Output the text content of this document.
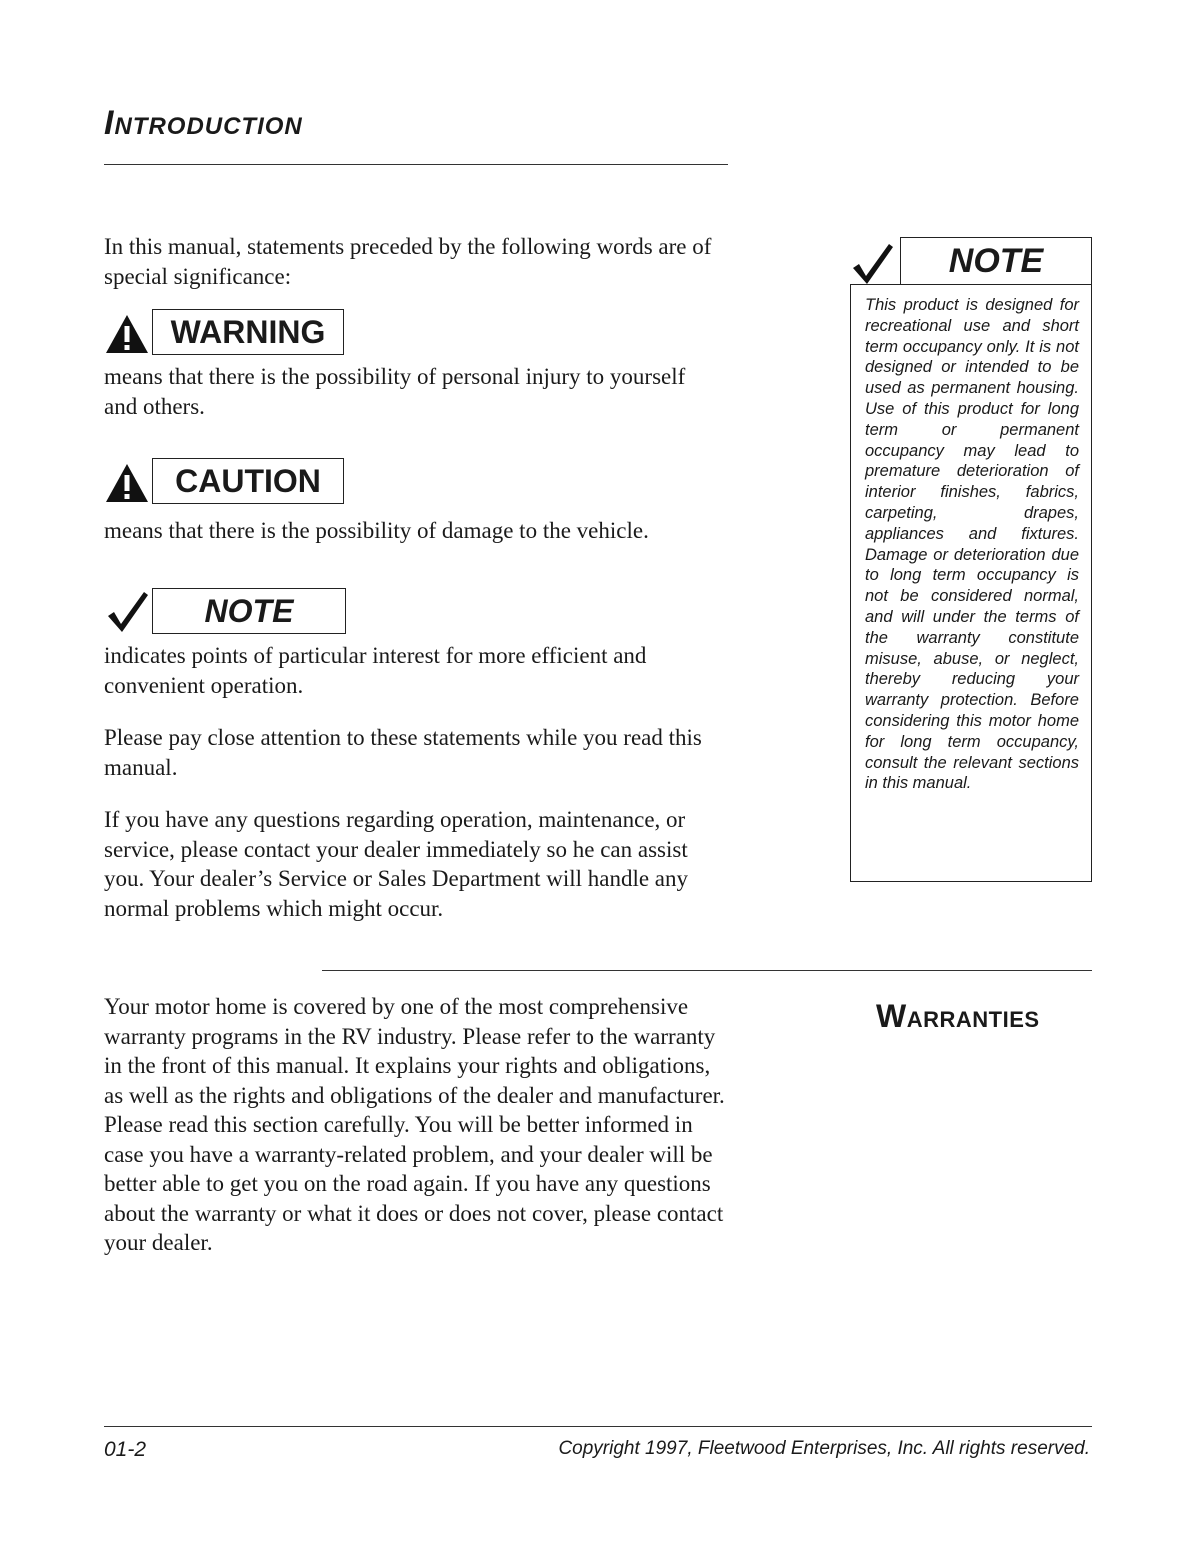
Introduction

In this manual, statements preceded by the following words are of special significance:

WARNING

means that there is the possibility of personal injury to yourself and others.

CAUTION

means that there is the possibility of damage to the vehicle.

NOTE

indicates points of particular interest for more efficient and convenient operation.

Please pay close attention to these statements while you read this manual.

If you have any questions regarding operation, maintenance, or service, please contact your dealer immediately so he can assist you. Your dealer’s Service or Sales Department will handle any normal problems which might occur.

NOTE

This product is designed for recreational use and short term occupancy only. It is not designed or intended to be used as permanent housing. Use of this product for long term or permanent occupancy may lead to premature deterioration of interior finishes, fabrics, carpeting, drapes, appliances and fixtures. Damage or deterioration due to long term occupancy is not be considered normal, and will under the terms of the warranty constitute misuse, abuse, or neglect, thereby reducing your warranty protection. Before considering this motor home for long term occupancy, consult the relevant sections in this manual.

Warranties

Your motor home is covered by one of the most comprehensive warranty programs in the RV industry. Please refer to the warranty in the front of this manual. It explains your rights and obligations, as well as the rights and obligations of the dealer and manufacturer. Please read this section carefully. You will be better informed in case you have a warranty-related problem, and your dealer will be better able to get you on the road again. If you have any questions about the warranty or what it does or does not cover, please contact your dealer.

01-2	Copyright 1997, Fleetwood Enterprises, Inc. All rights reserved.
